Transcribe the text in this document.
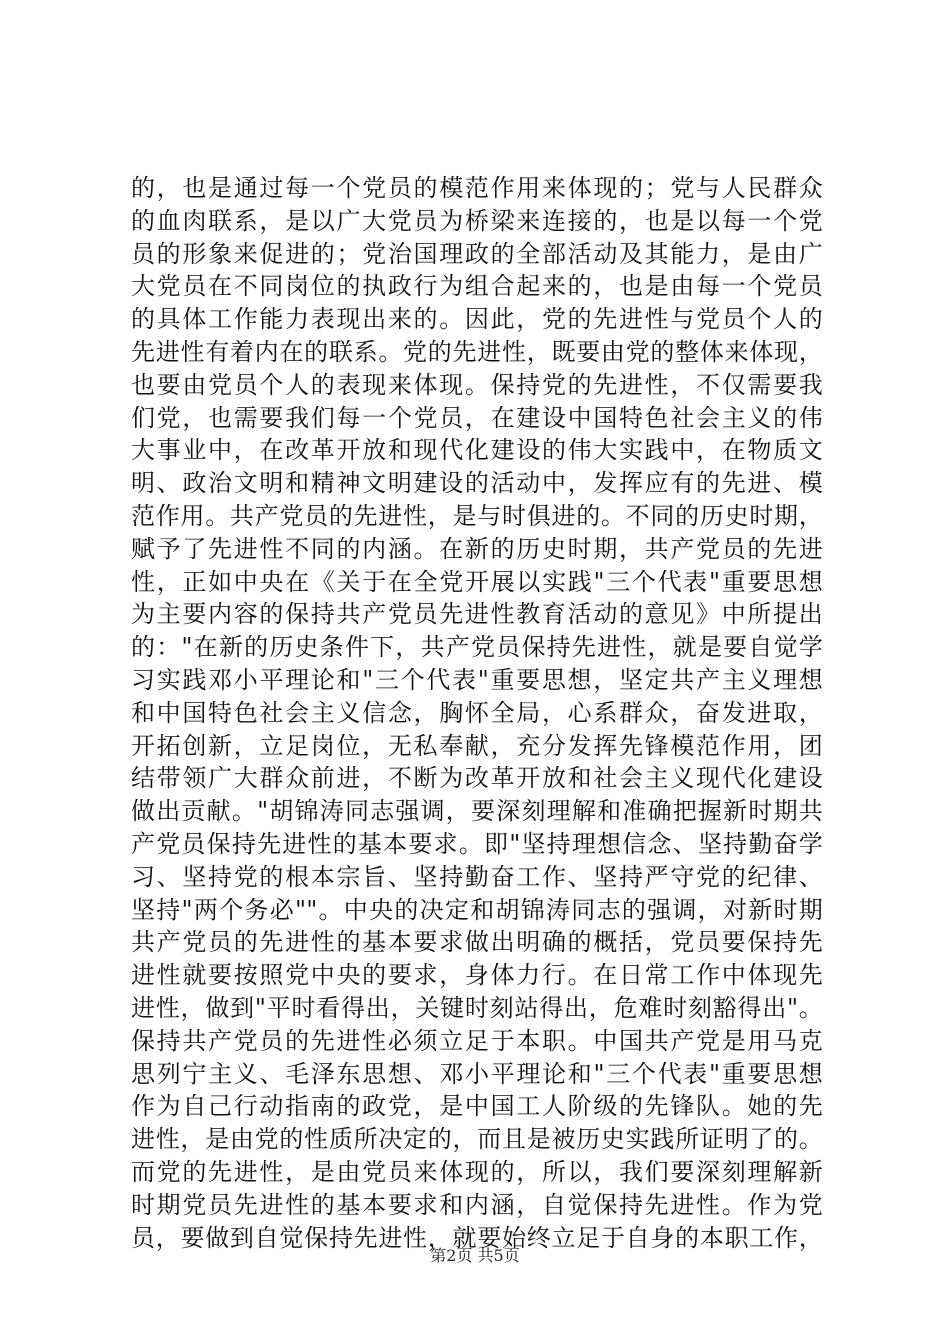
的，也是通过每一个党员的模范作用来体现的；党与人民群众
的血肉联系，是以广大党员为桥梁来连接的，也是以每一个党
员的形象来促进的；党治国理政的全部活动及其能力，是由广
大党员在不同岗位的执政行为组合起来的，也是由每一个党员
的具体工作能力表现出来的。因此，党的先进性与党员个人的
先进性有着内在的联系。党的先进性，既要由党的整体来体现，
也要由党员个人的表现来体现。保持党的先进性，不仅需要我
们党，也需要我们每一个党员，在建设中国特色社会主义的伟
大事业中，在改革开放和现代化建设的伟大实践中，在物质文
明、政治文明和精神文明建设的活动中，发挥应有的先进、模
范作用。共产党员的先进性，是与时俱进的。不同的历史时期，
赋予了先进性不同的内涵。在新的历史时期，共产党员的先进
性，正如中央在《关于在全党开展以实践"三个代表"重要思想
为主要内容的保持共产党员先进性教育活动的意见》中所提出
的："在新的历史条件下，共产党员保持先进性，就是要自觉学
习实践邓小平理论和"三个代表"重要思想，坚定共产主义理想
和中国特色社会主义信念，胸怀全局，心系群众，奋发进取，
开拓创新，立足岗位，无私奉献，充分发挥先锋模范作用，团
结带领广大群众前进，不断为改革开放和社会主义现代化建设
做出贡献。"胡锦涛同志强调，要深刻理解和准确把握新时期共
产党员保持先进性的基本要求。即"坚持理想信念、坚持勤奋学
习、坚持党的根本宗旨、坚持勤奋工作、坚持严守党的纪律、
坚持"两个务必""。中央的决定和胡锦涛同志的强调，对新时期
共产党员的先进性的基本要求做出明确的概括，党员要保持先
进性就要按照党中央的要求，身体力行。在日常工作中体现先
进性，做到"平时看得出，关键时刻站得出，危难时刻豁得出"。
保持共产党员的先进性必须立足于本职。中国共产党是用马克
思列宁主义、毛泽东思想、邓小平理论和"三个代表"重要思想
作为自己行动指南的政党，是中国工人阶级的先锋队。她的先
进性，是由党的性质所决定的，而且是被历史实践所证明了的。
而党的先进性，是由党员来体现的，所以，我们要深刻理解新
时期党员先进性的基本要求和内涵，自觉保持先进性。作为党
员，要做到自觉保持先进性，就要始终立足于自身的本职工作，
第2页 共5页
